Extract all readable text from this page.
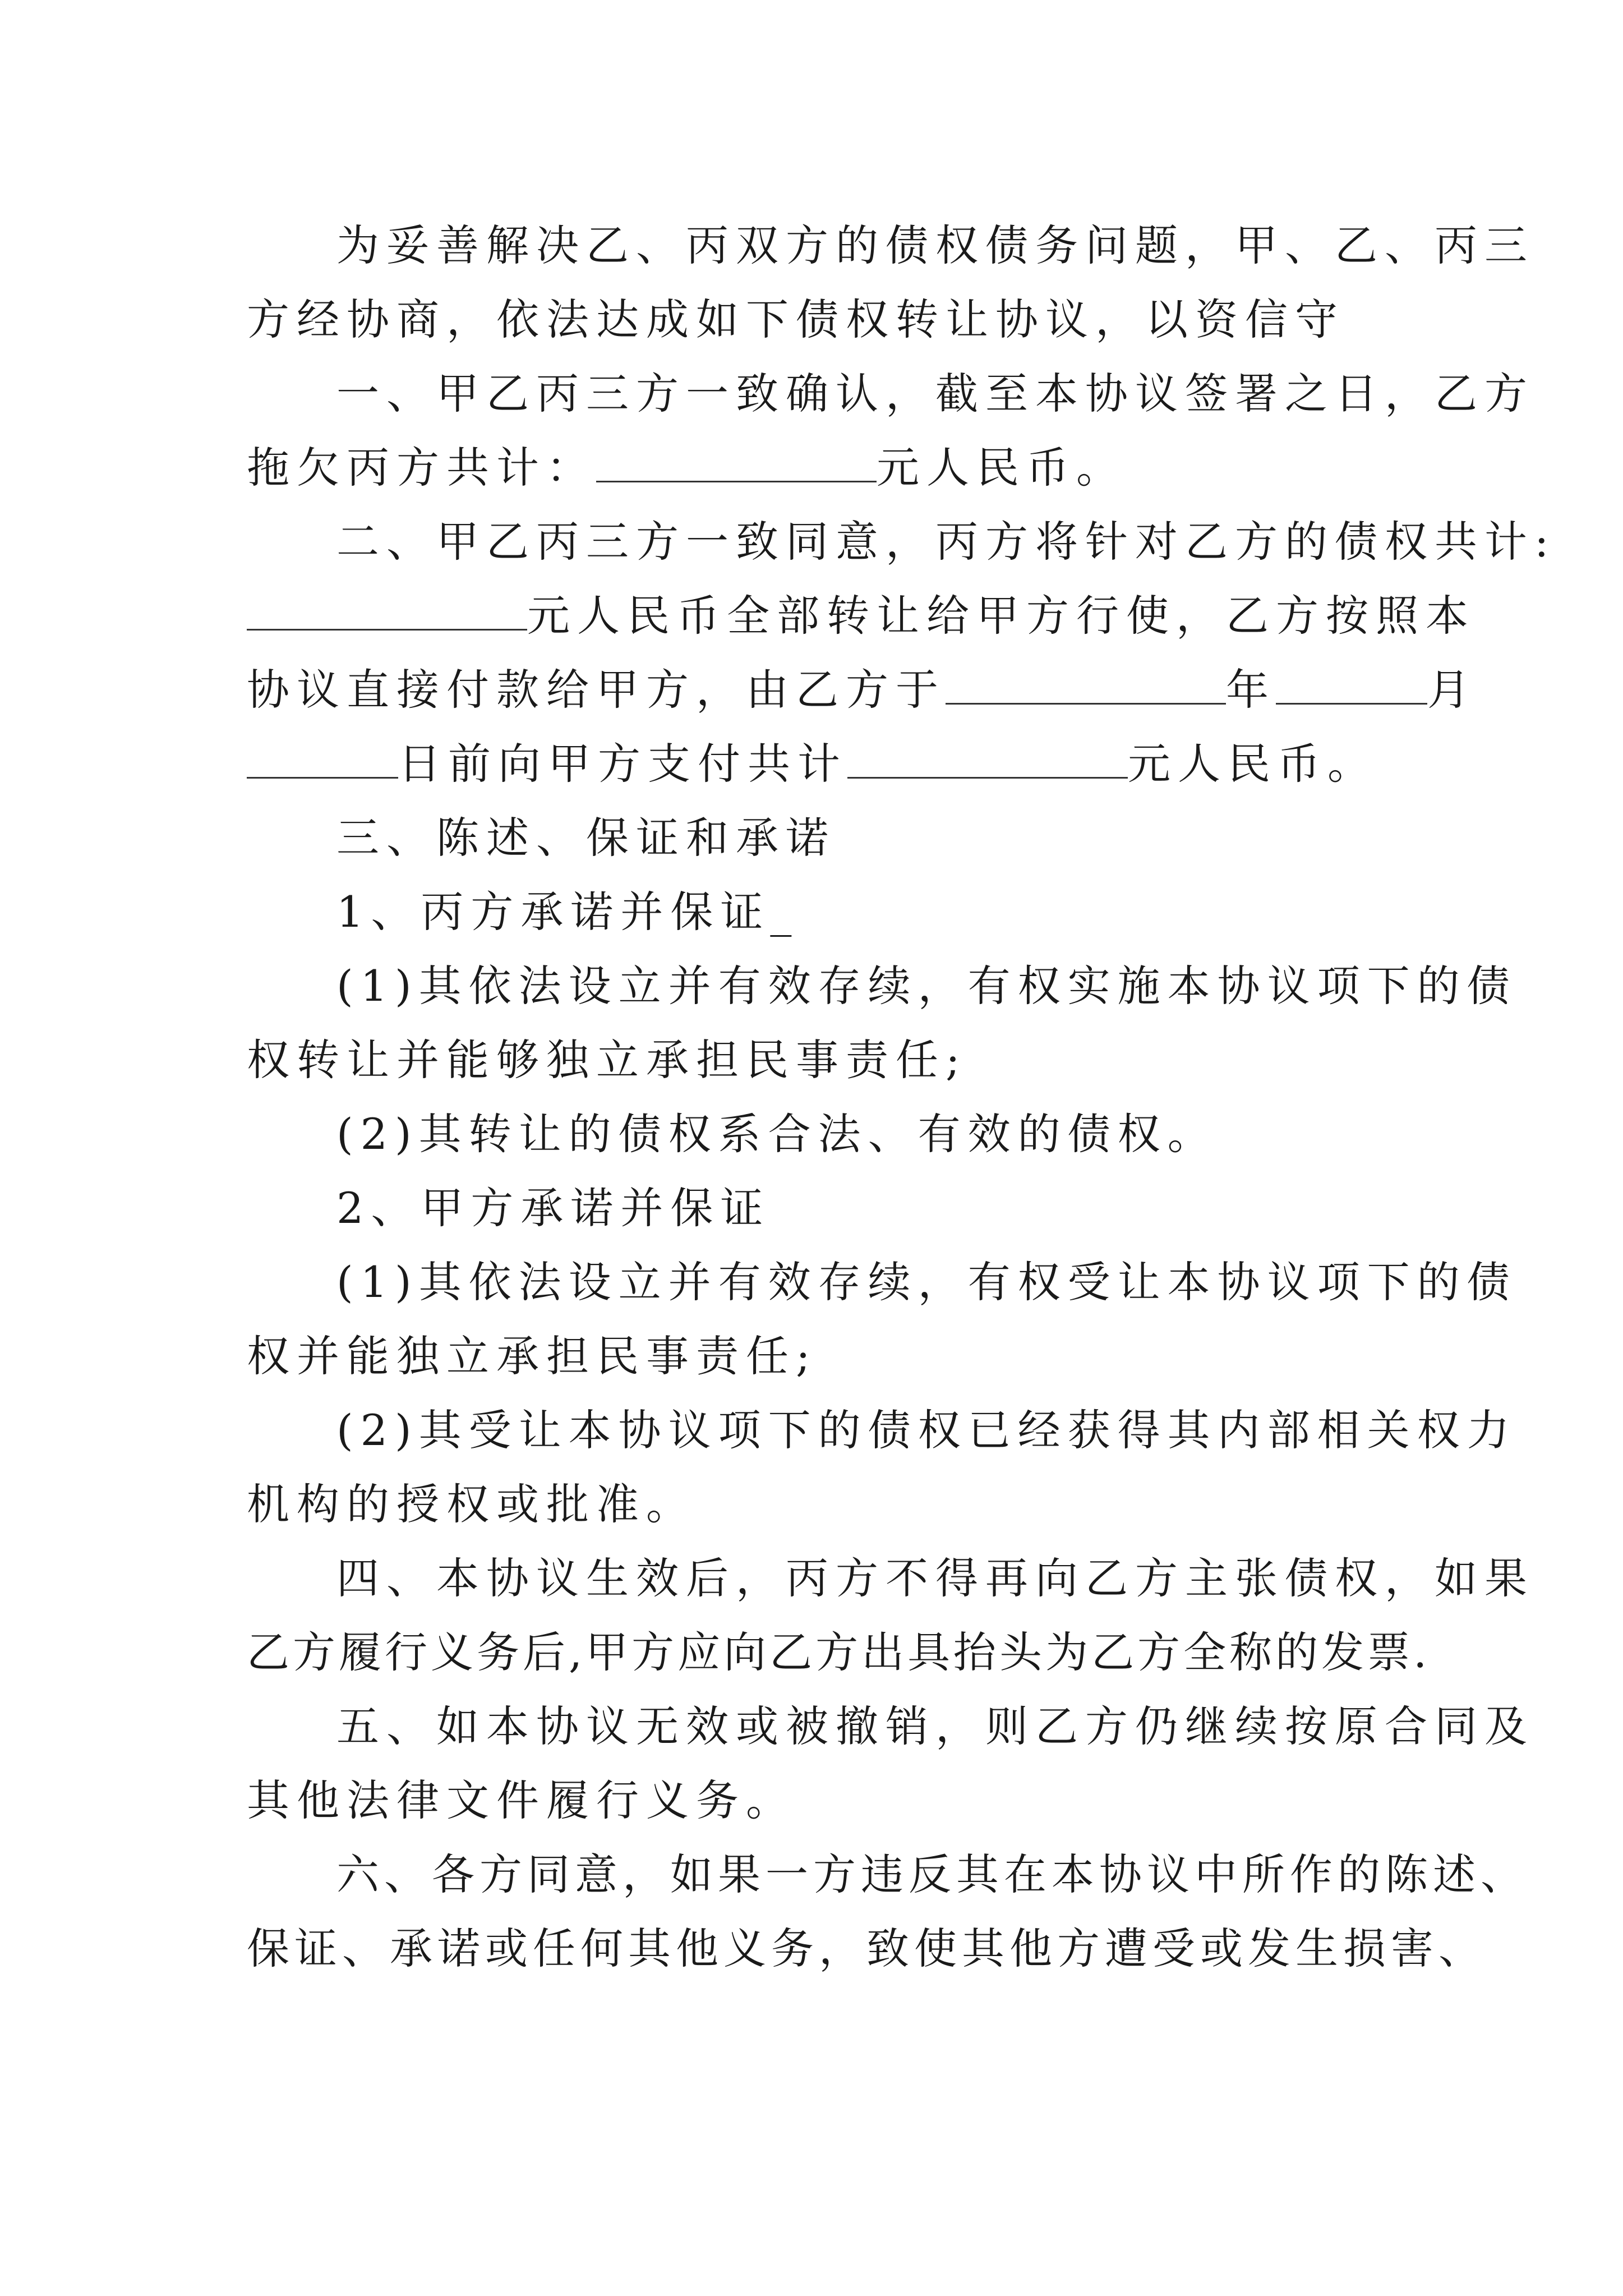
为妥善解决乙、丙双方的债权债务问题，甲、乙、丙三
方经协商，依法达成如下债权转让协议，以资信守
一、甲乙丙三方一致确认，截至本协议签署之日，乙方
拖欠丙方共计：	元人民币。
二、甲乙丙三方一致同意，丙方将针对乙方的债权共计:
元人民币全部转让给甲方行使，乙方按照本
协议直接付款给甲方，由乙方于	年	月
日前向甲方支付共计	元人民币。
三、陈述、保证和承诺
1、丙方承诺并保证_
(1)其依法设立并有效存续，有权实施本协议项下的债
权转让并能够独立承担民事责任;
(2)其转让的债权系合法、有效的债权。
2、甲方承诺并保证
(1)其依法设立并有效存续，有权受让本协议项下的债
权并能独立承担民事责任;
(2)其受让本协议项下的债权已经获得其内部相关权力
机构的授权或批准。
四、本协议生效后，丙方不得再向乙方主张债权，如果
乙方履行义务后,甲方应向乙方出具抬头为乙方全称的发票.
五、如本协议无效或被撤销，则乙方仍继续按原合同及
其他法律文件履行义务。
六、各方同意，如果一方违反其在本协议中所作的陈述、
保证、承诺或任何其他义务，致使其他方遭受或发生损害、
